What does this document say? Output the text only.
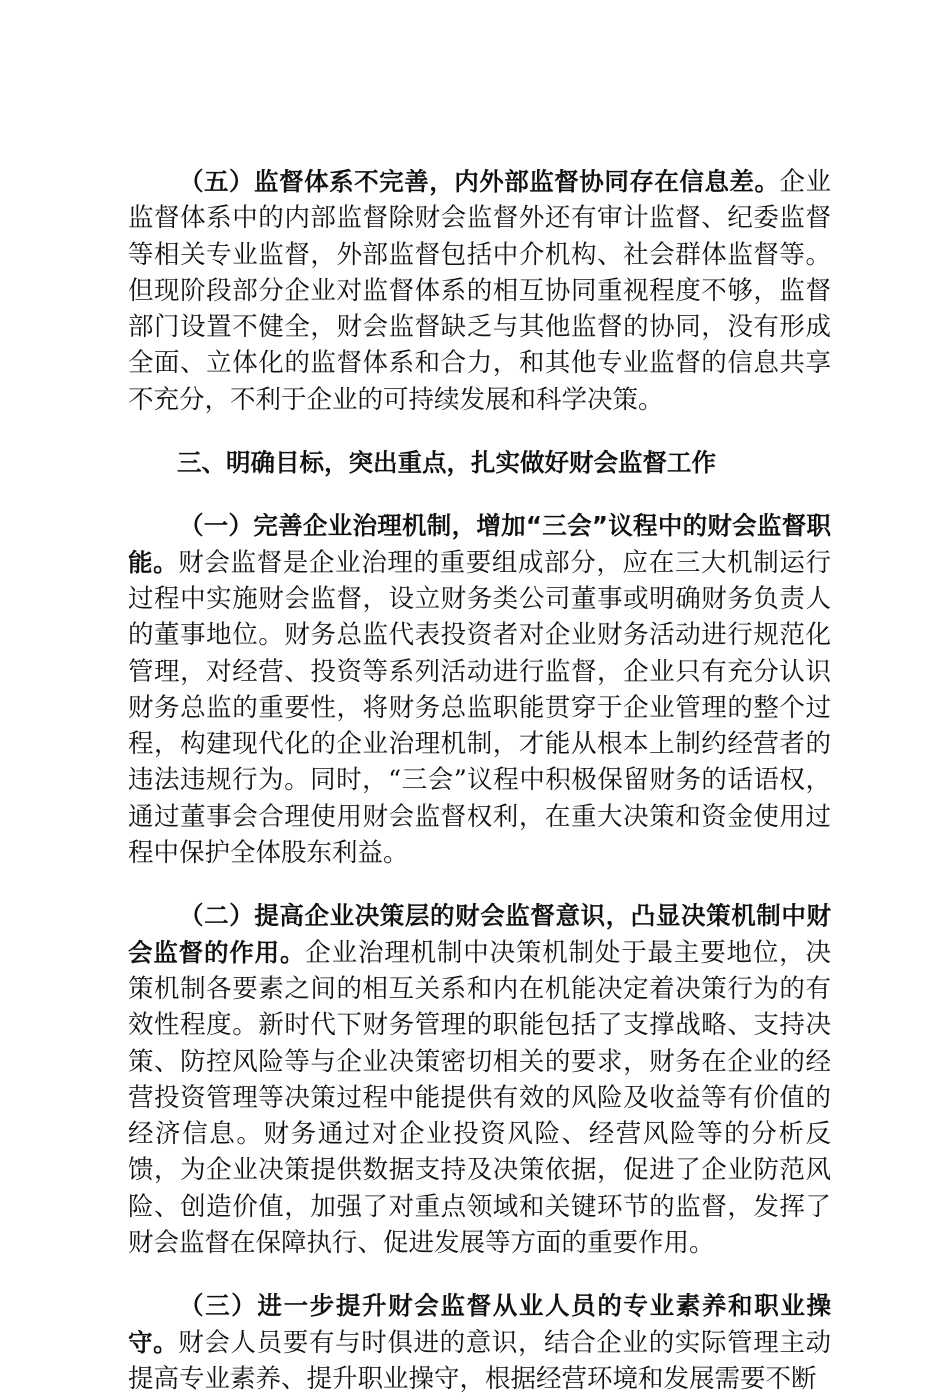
（五）监督体系不完善，内外部监督协同存在信息差。企业监督体系中的内部监督除财会监督外还有审计监督、纪委监督等相关专业监督，外部监督包括中介机构、社会群体监督等。但现阶段部分企业对监督体系的相互协同重视程度不够，监督部门设置不健全，财会监督缺乏与其他监督的协同，没有形成全面、立体化的监督体系和合力，和其他专业监督的信息共享不充分，不利于企业的可持续发展和科学决策。

三、明确目标，突出重点，扎实做好财会监督工作

（一）完善企业治理机制，增加“三会”议程中的财会监督职能。财会监督是企业治理的重要组成部分，应在三大机制运行过程中实施财会监督，设立财务类公司董事或明确财务负责人的董事地位。财务总监代表投资者对企业财务活动进行规范化管理，对经营、投资等系列活动进行监督，企业只有充分认识财务总监的重要性，将财务总监职能贯穿于企业管理的整个过程，构建现代化的企业治理机制，才能从根本上制约经营者的违法违规行为。同时，“三会”议程中积极保留财务的话语权，通过董事会合理使用财会监督权利，在重大决策和资金使用过程中保护全体股东利益。

（二）提高企业决策层的财会监督意识，凸显决策机制中财会监督的作用。企业治理机制中决策机制处于最主要地位，决策机制各要素之间的相互关系和内在机能决定着决策行为的有效性程度。新时代下财务管理的职能包括了支撑战略、支持决策、防控风险等与企业决策密切相关的要求，财务在企业的经营投资管理等决策过程中能提供有效的风险及收益等有价值的经济信息。财务通过对企业投资风险、经营风险等的分析反馈，为企业决策提供数据支持及决策依据，促进了企业防范风险、创造价值，加强了对重点领域和关键环节的监督，发挥了财会监督在保障执行、促进发展等方面的重要作用。

（三）进一步提升财会监督从业人员的专业素养和职业操守。财会人员要有与时俱进的意识，结合企业的实际管理主动提高专业素养、提升职业操守，根据经营环境和发展需要不断
